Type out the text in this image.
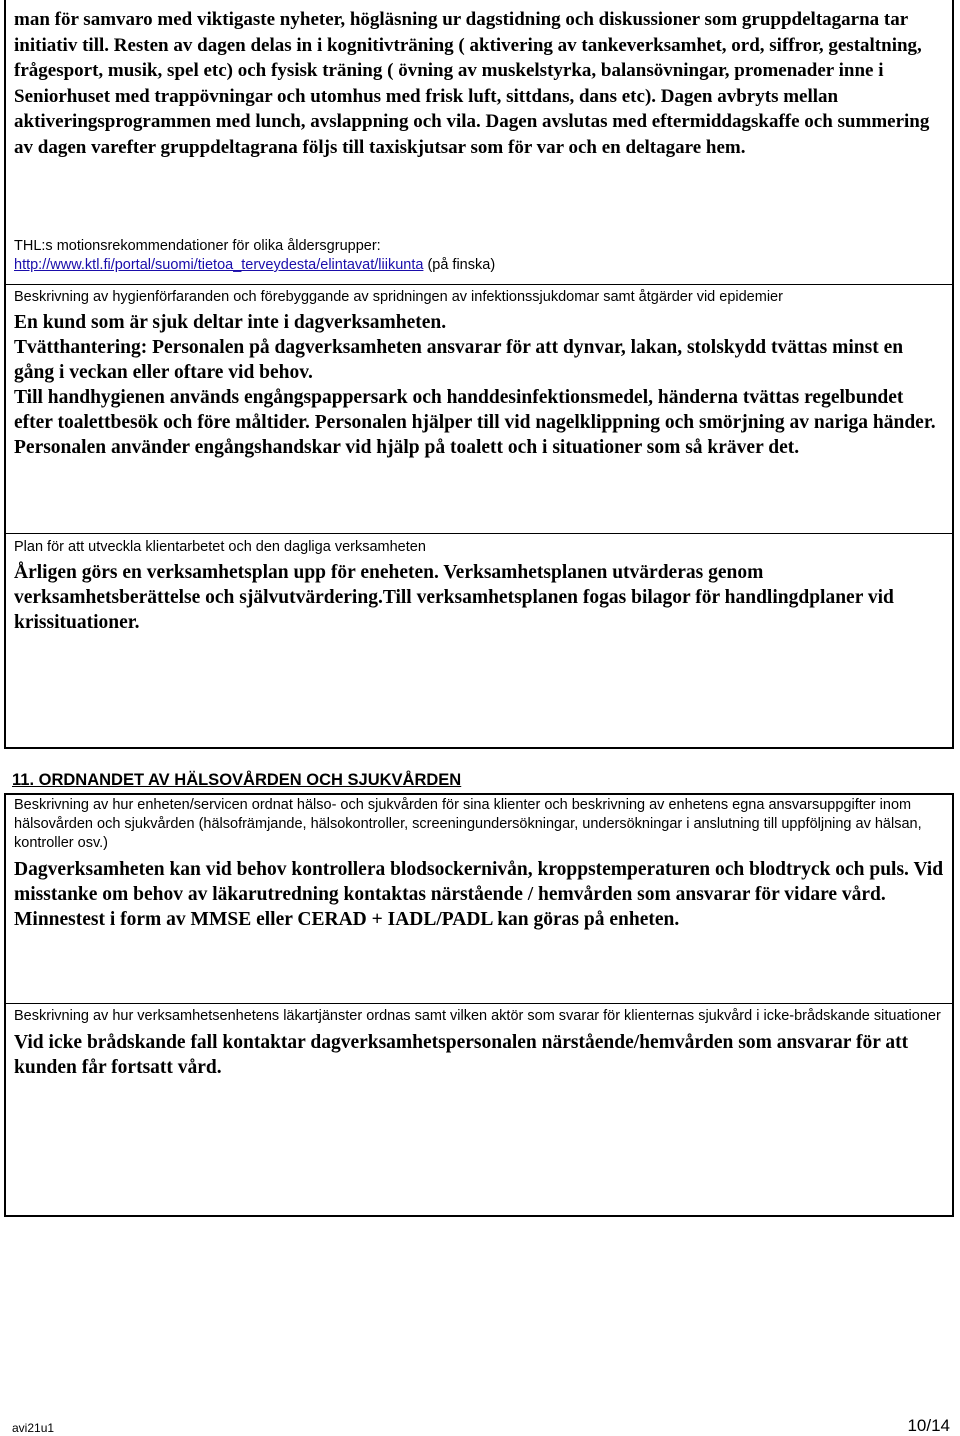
man för samvaro med viktigaste nyheter, högläsning ur dagstidning och diskussioner som gruppdeltagarna tar initiativ till. Resten av dagen delas in i kognitivträning ( aktivering av tankeverksamhet, ord, siffror, gestaltning, frågesport, musik, spel etc) och fysisk träning ( övning av muskelstyrka, balansövningar, promenader inne i Seniorhuset med trappövningar och utomhus med frisk luft, sittdans, dans etc). Dagen avbryts mellan aktiveringsprogrammen med lunch, avslappning och vila. Dagen avslutas med eftermiddagskaffe och summering av dagen varefter gruppdeltagrana följs till taxiskjutsar som för var och en deltagare hem.

THL:s motionsrekommendationer för olika åldersgrupper:

http://www.ktl.fi/portal/suomi/tietoa_terveydesta/elintavat/liikunta (på finska)

Beskrivning av hygienförfaranden och förebyggande av spridningen av infektionssjukdomar samt åtgärder vid epidemier

En kund som är sjuk deltar inte i dagverksamheten.

Tvätthantering: Personalen på dagverksamheten ansvarar för att dynvar, lakan, stolskydd tvättas minst en gång i veckan eller oftare vid behov.

Till handhygienen används engångspappersark och handdesinfektionsmedel, händerna tvättas regelbundet efter toalettbesök och före måltider. Personalen hjälper till vid nagelklippning och smörjning av nariga händer. Personalen använder engångshandskar vid hjälp på toalett och i situationer som så kräver det.

Plan för att utveckla klientarbetet och den dagliga verksamheten

Årligen görs en verksamhetsplan upp för eneheten. Verksamhetsplanen utvärderas genom verksamhetsberättelse och självutvärdering.Till verksamhetsplanen fogas bilagor för handlingdplaner vid krissituationer.

11. ORDNANDET AV HÄLSOVÅRDEN OCH SJUKVÅRDEN

Beskrivning av hur enheten/servicen ordnat hälso- och sjukvården för sina klienter och beskrivning av enhetens egna ansvarsuppgifter inom hälsovården och sjukvården (hälsofrämjande, hälsokontroller, screeningundersökningar, undersökningar i anslutning till uppföljning av hälsan, kontroller osv.)

Dagverksamheten kan vid behov kontrollera blodsockernivån, kroppstemperaturen och blodtryck och puls. Vid misstanke om behov av läkarutredning kontaktas närstående / hemvården som ansvarar för vidare vård.

Minnestest i form av MMSE eller CERAD + IADL/PADL kan göras på enheten.

Beskrivning av hur verksamhetsenhetens läkartjänster ordnas samt vilken aktör som svarar för klienternas sjukvård i icke-brådskande situationer

Vid icke brådskande fall kontaktar dagverksamhetspersonalen närstående/hemvården som ansvarar för att kunden får fortsatt vård.

avi21u1	10/14
